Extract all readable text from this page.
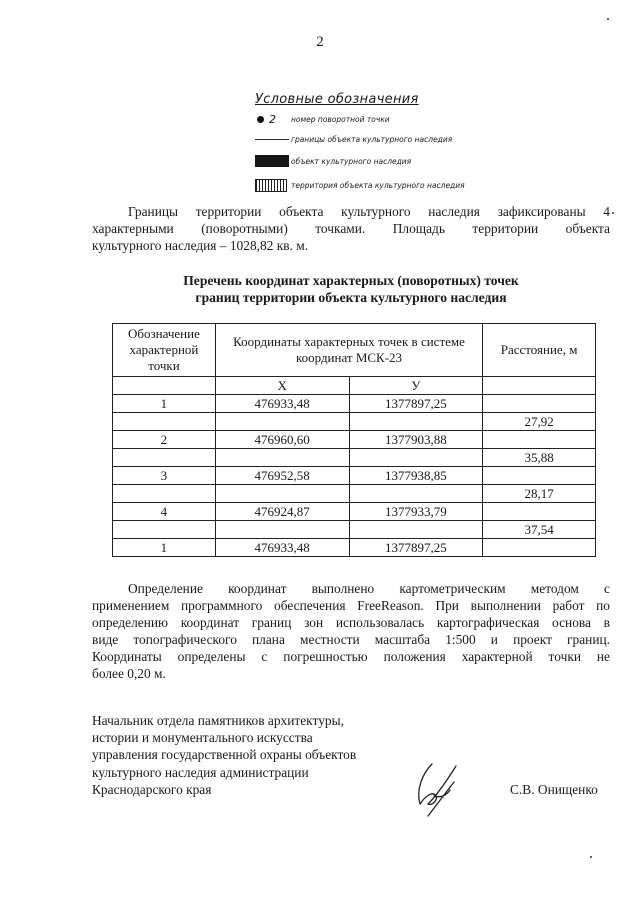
2
Условные обозначения
2 номер поворотной точки
границы объекта культурного наследия
объект культурного наследия
территория объекта культурного наследия
Границы территории объекта культурного наследия зафиксированы 4
характерными (поворотными) точками. Площадь территории объекта
культурного наследия – 1028,82 кв. м.
Перечень координат характерных (поворотных) точек
границ территории объекта культурного наследия
Обозначение характерной точки	Координаты характерных точек в системе координат МСК-23		Расстояние, м
	X	У	
1	476933,48	1377897,25	
			27,92
2	476960,60	1377903,88	
			35,88
3	476952,58	1377938,85	
			28,17
4	476924,87	1377933,79	
			37,54
1	476933,48	1377897,25	
Определение координат выполнено картометрическим методом с
применением программного обеспечения FreeReason. При выполнении работ по
определению координат границ зон использовалась картографическая основа в
виде топографического плана местности масштаба 1:500 и проект границ.
Координаты определены с погрешностью положения характерной точки не
более 0,20 м.
Начальник отдела памятников архитектуры,
истории и монументального искусства
управления государственной охраны объектов
культурного наследия администрации
Краснодарского края	С.В. Онищенко
